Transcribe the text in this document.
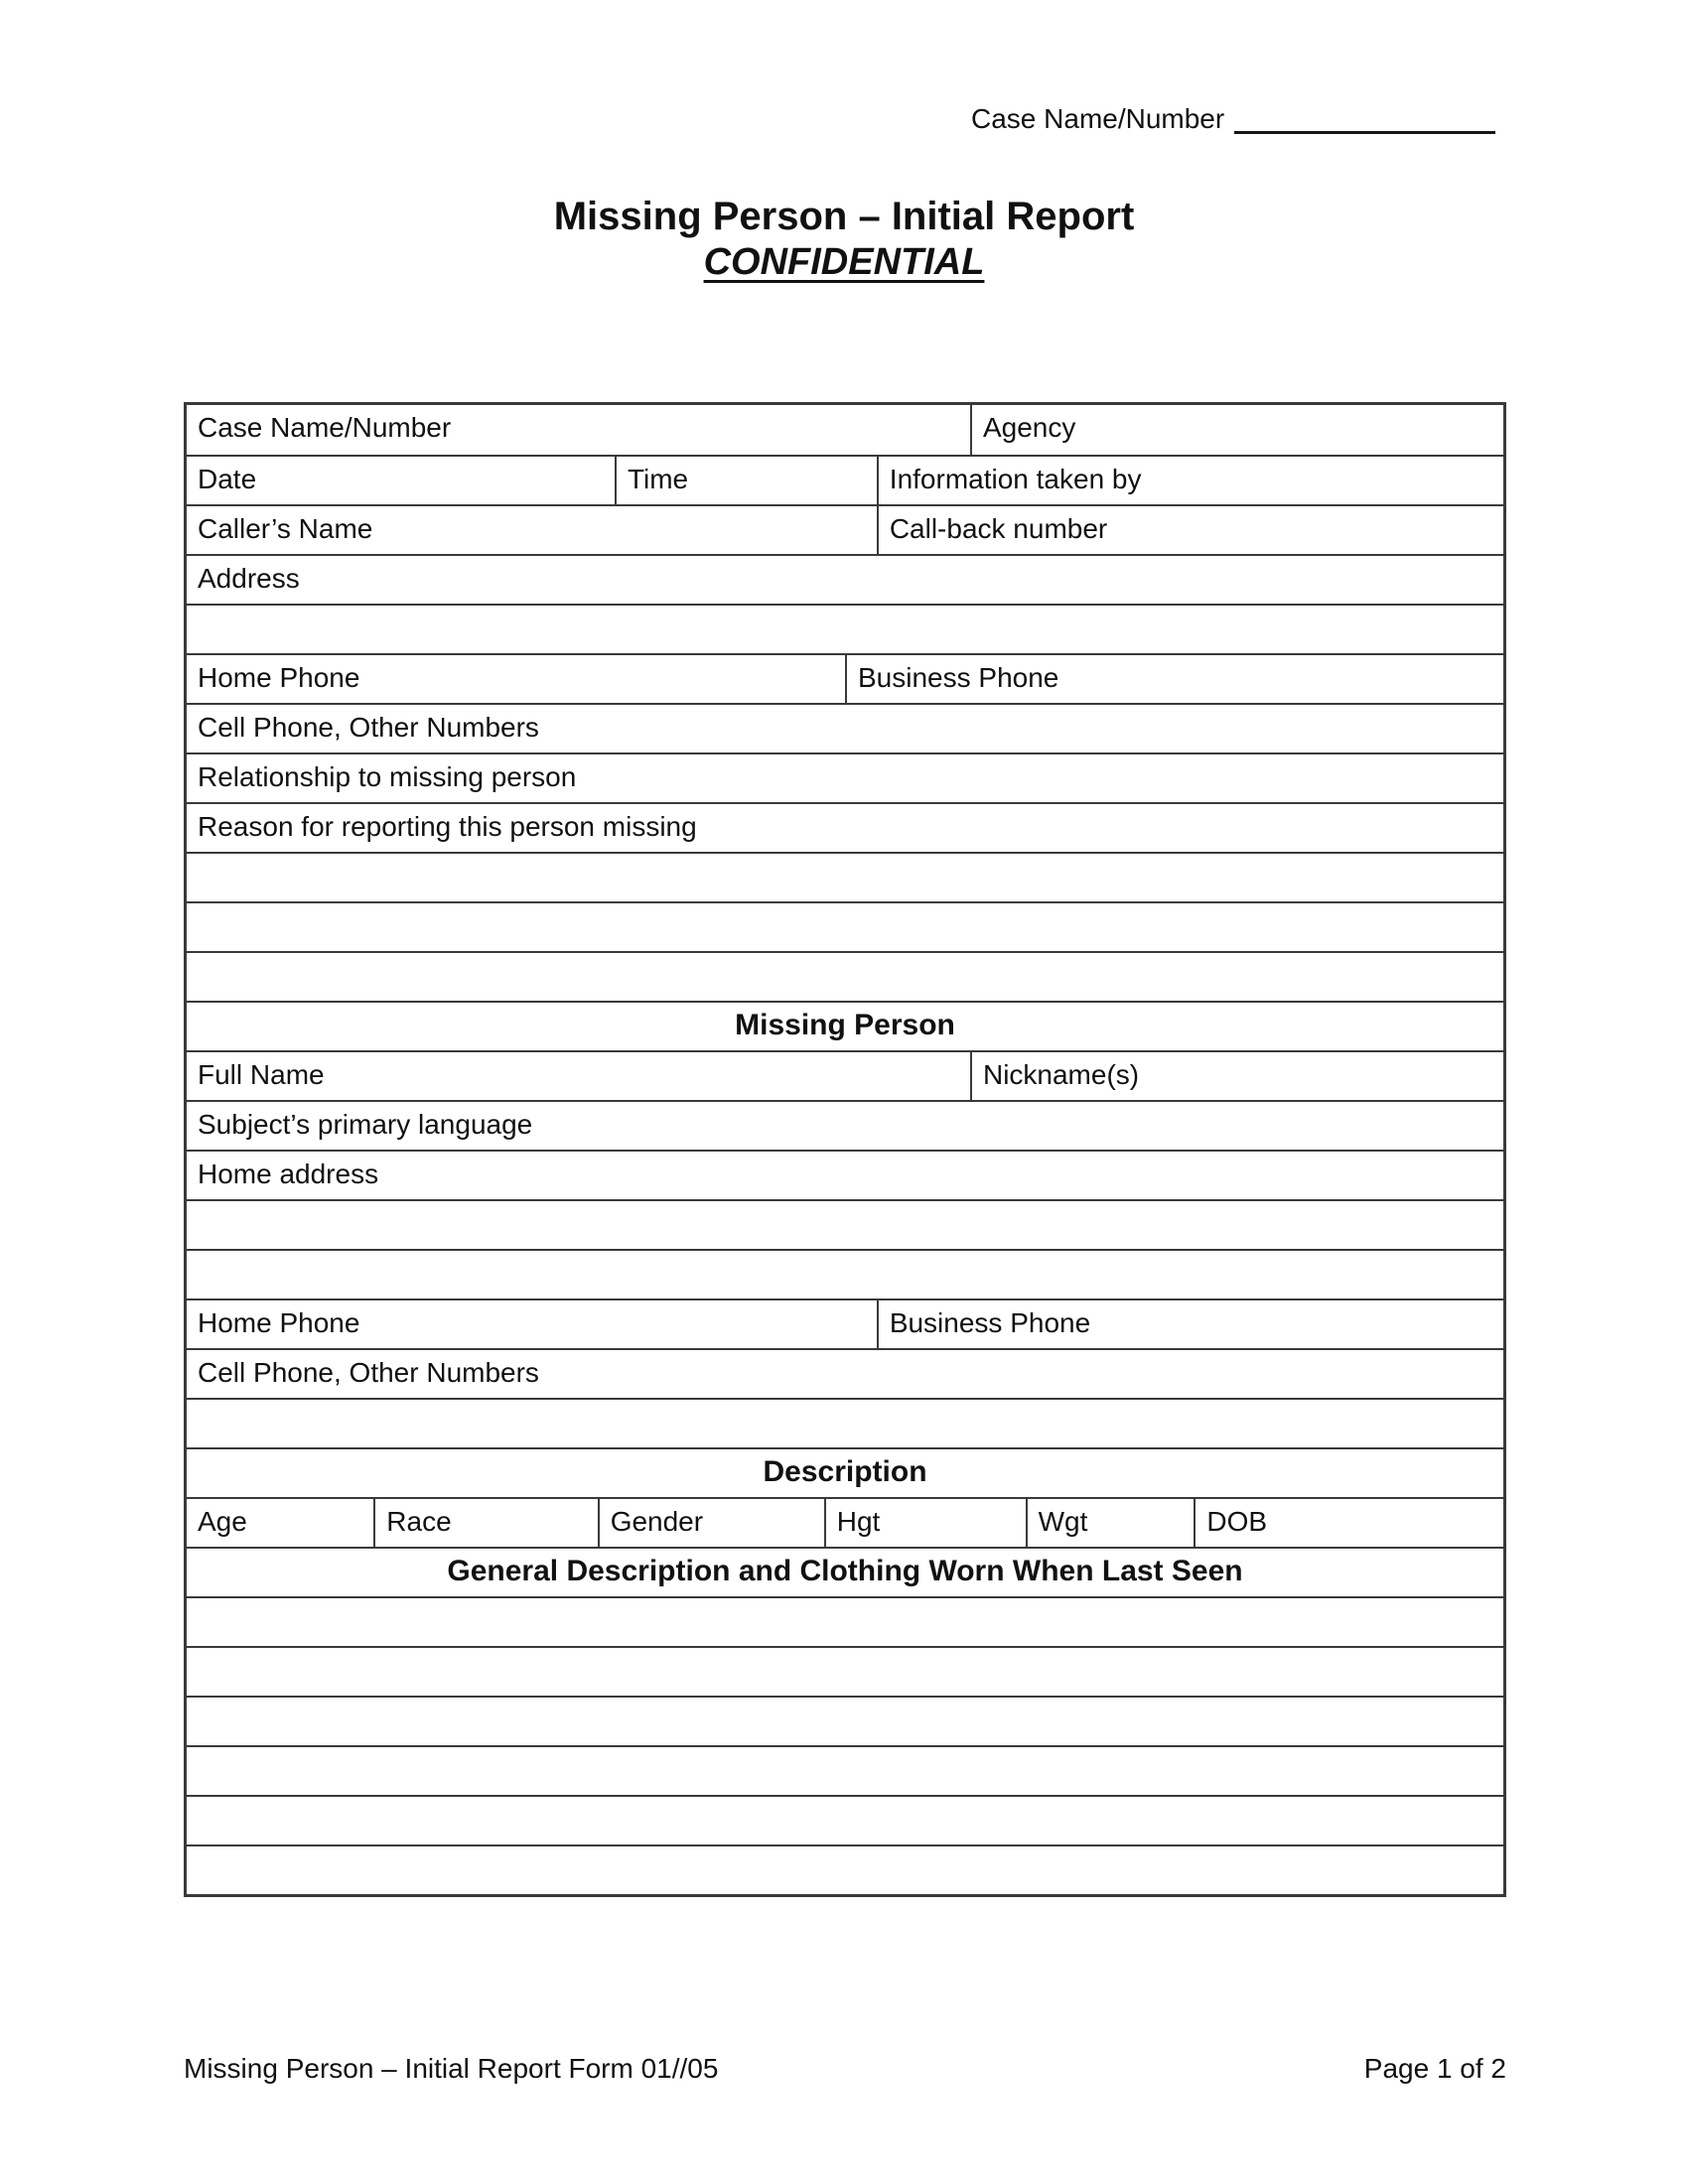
Case Name/Number
Missing Person – Initial Report
CONFIDENTIAL
Case Name/Number	Agency
Date	Time	Information taken by
Caller’s Name	Call-back number
Address
Home Phone	Business Phone
Cell Phone, Other Numbers
Relationship to missing person
Reason for reporting this person missing
Missing Person
Full Name	Nickname(s)
Subject’s primary language
Home address
Home Phone	Business Phone
Cell Phone, Other Numbers
Description
Age	Race	Gender	Hgt	Wgt	DOB
General Description and Clothing Worn When Last Seen
Missing Person – Initial Report Form 01//05	Page 1 of 2
